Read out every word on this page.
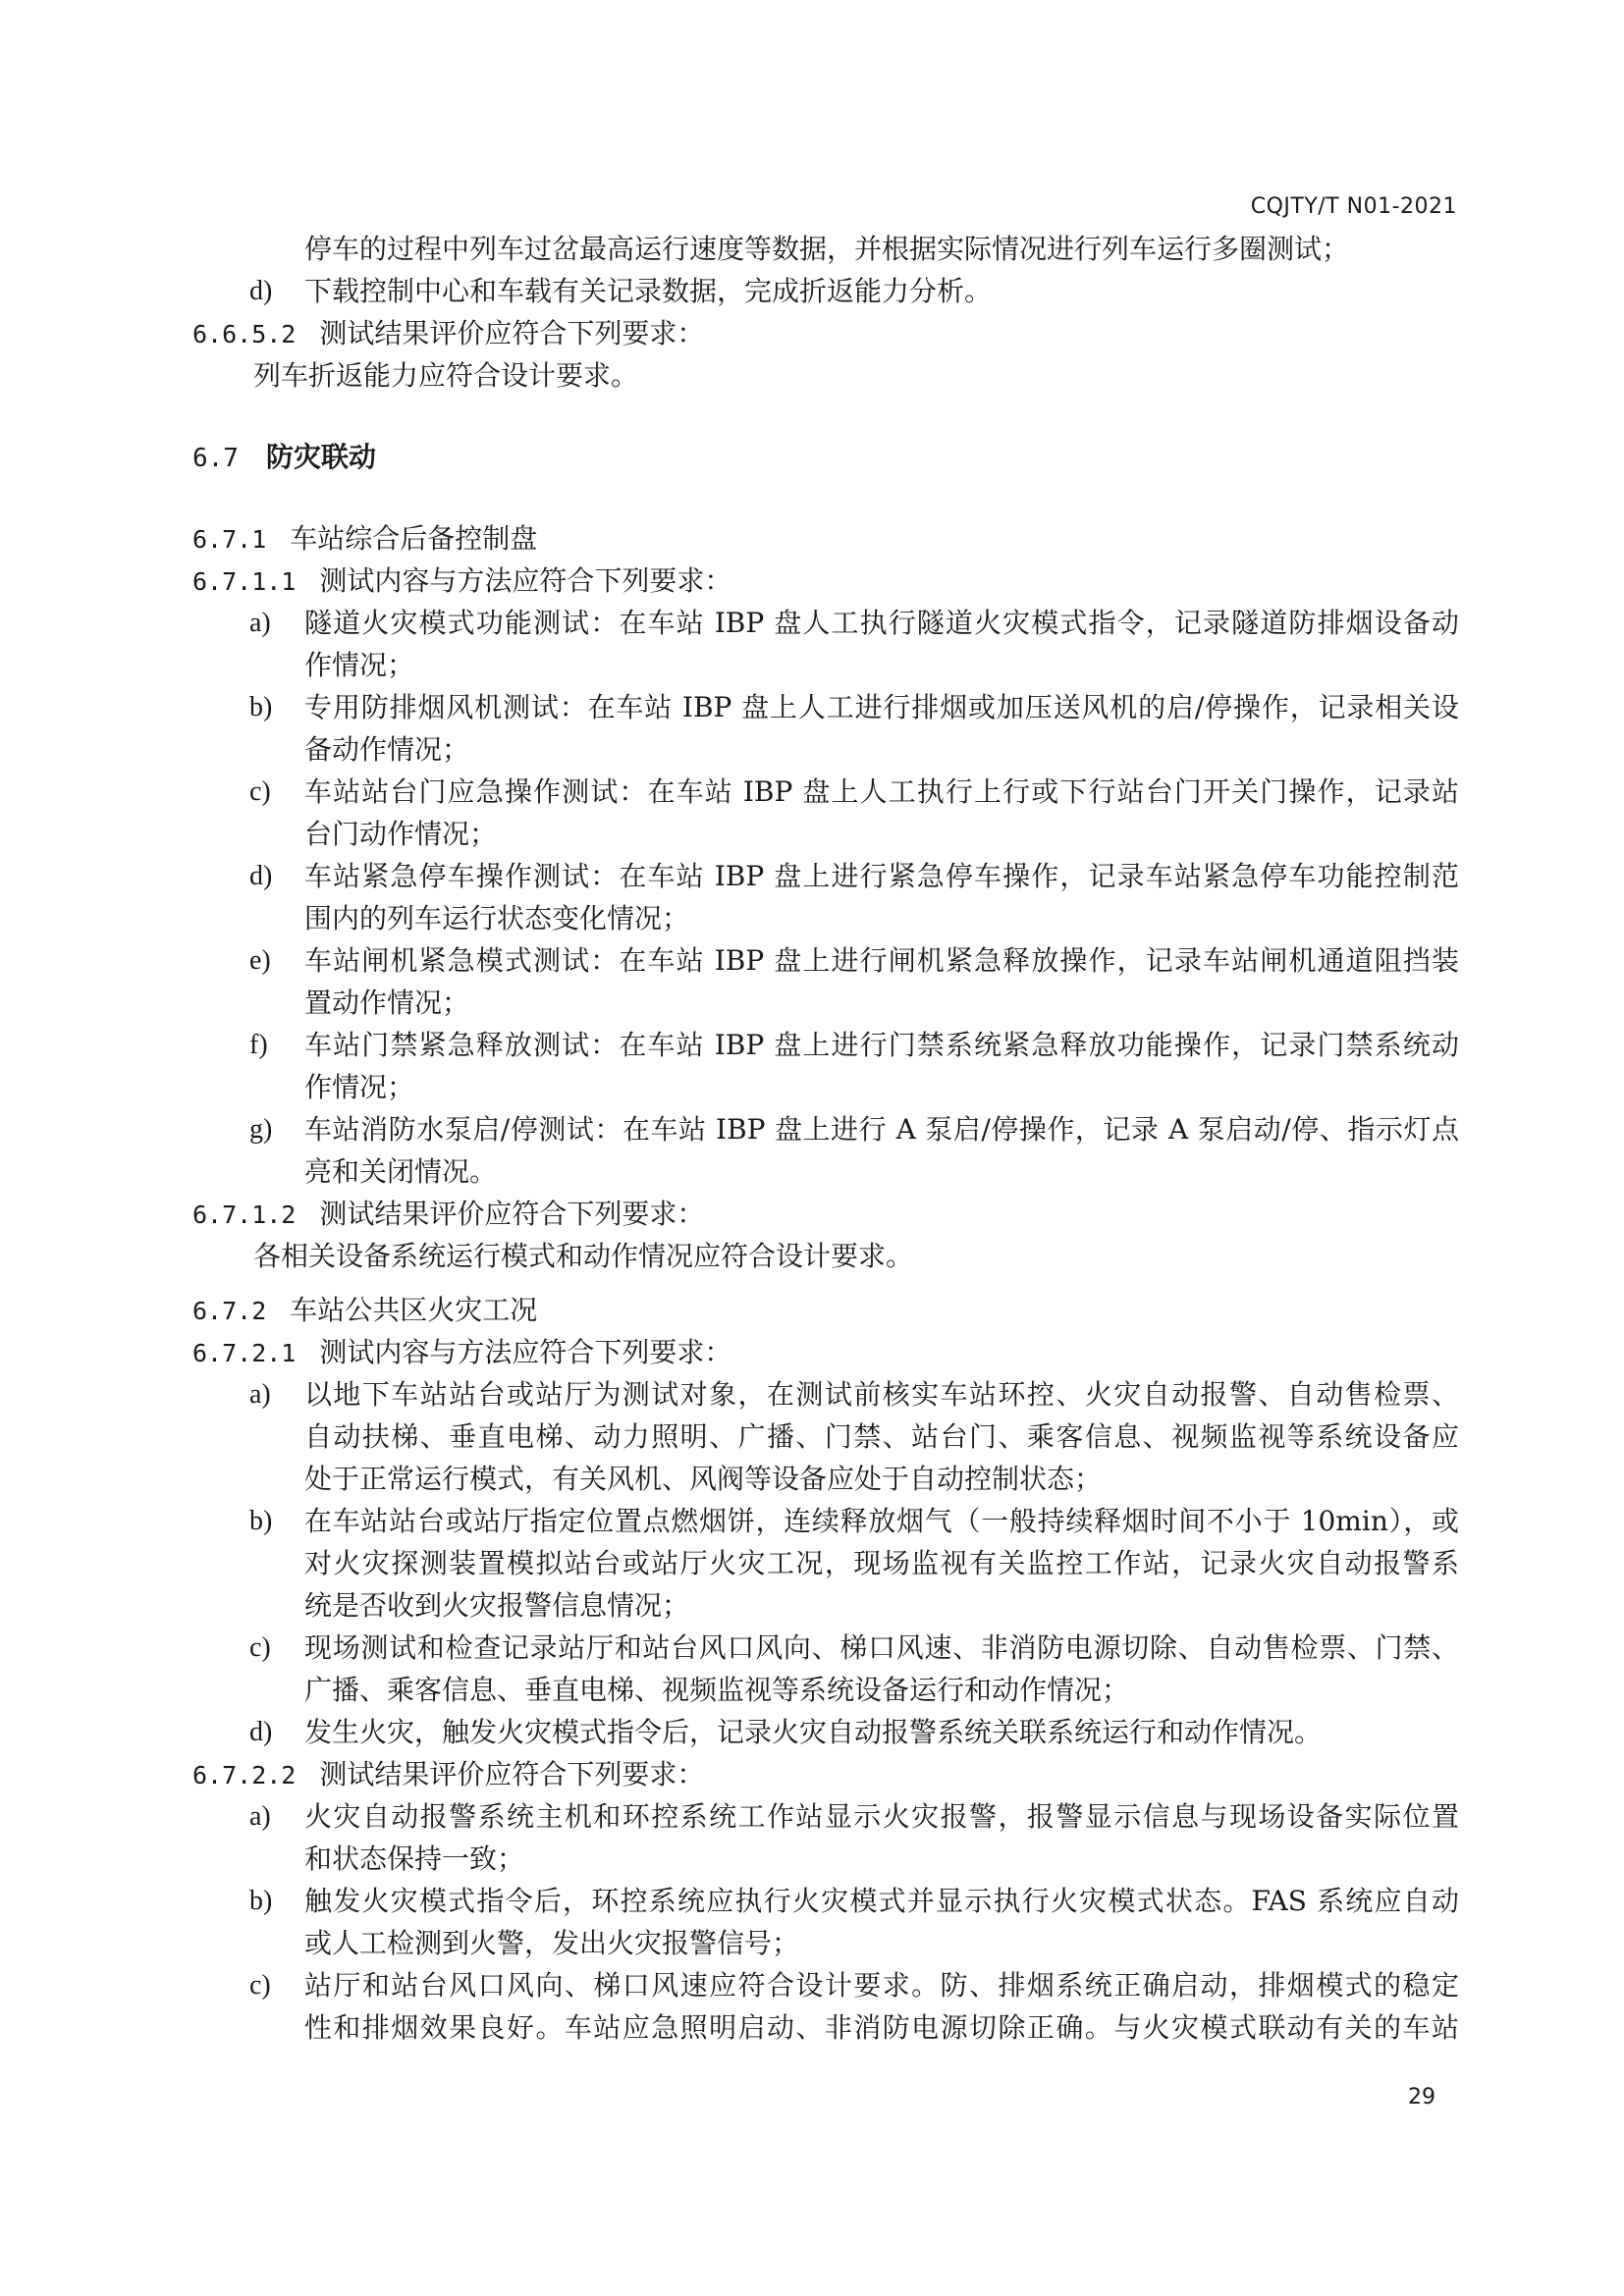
CQJTY/T N01-2021
停车的过程中列车过岔最高运行速度等数据，并根据实际情况进行列车运行多圈测试；
d) 下载控制中心和车载有关记录数据，完成折返能力分析。
6.6.5.2 测试结果评价应符合下列要求：
列车折返能力应符合设计要求。
6.7 防灾联动
6.7.1 车站综合后备控制盘
6.7.1.1 测试内容与方法应符合下列要求：
a) 隧道火灾模式功能测试：在车站 IBP 盘人工执行隧道火灾模式指令，记录隧道防排烟设备动
作情况；
b) 专用防排烟风机测试：在车站 IBP 盘上人工进行排烟或加压送风机的启/停操作，记录相关设
备动作情况；
c) 车站站台门应急操作测试：在车站 IBP 盘上人工执行上行或下行站台门开关门操作，记录站
台门动作情况；
d) 车站紧急停车操作测试：在车站 IBP 盘上进行紧急停车操作，记录车站紧急停车功能控制范
围内的列车运行状态变化情况；
e) 车站闸机紧急模式测试：在车站 IBP 盘上进行闸机紧急释放操作，记录车站闸机通道阻挡装
置动作情况；
f) 车站门禁紧急释放测试：在车站 IBP 盘上进行门禁系统紧急释放功能操作，记录门禁系统动
作情况；
g) 车站消防水泵启/停测试：在车站 IBP 盘上进行 A 泵启/停操作，记录 A 泵启动/停、指示灯点
亮和关闭情况。
6.7.1.2 测试结果评价应符合下列要求：
各相关设备系统运行模式和动作情况应符合设计要求。
6.7.2 车站公共区火灾工况
6.7.2.1 测试内容与方法应符合下列要求：
a) 以地下车站站台或站厅为测试对象，在测试前核实车站环控、火灾自动报警、自动售检票、
自动扶梯、垂直电梯、动力照明、广播、门禁、站台门、乘客信息、视频监视等系统设备应
处于正常运行模式，有关风机、风阀等设备应处于自动控制状态；
b) 在车站站台或站厅指定位置点燃烟饼，连续释放烟气（一般持续释烟时间不小于 10min），或
对火灾探测装置模拟站台或站厅火灾工况，现场监视有关监控工作站，记录火灾自动报警系
统是否收到火灾报警信息情况；
c) 现场测试和检查记录站厅和站台风口风向、梯口风速、非消防电源切除、自动售检票、门禁、
广播、乘客信息、垂直电梯、视频监视等系统设备运行和动作情况；
d) 发生火灾，触发火灾模式指令后，记录火灾自动报警系统关联系统运行和动作情况。
6.7.2.2 测试结果评价应符合下列要求：
a) 火灾自动报警系统主机和环控系统工作站显示火灾报警，报警显示信息与现场设备实际位置
和状态保持一致；
b) 触发火灾模式指令后，环控系统应执行火灾模式并显示执行火灾模式状态。FAS 系统应自动
或人工检测到火警，发出火灾报警信号；
c) 站厅和站台风口风向、梯口风速应符合设计要求。防、排烟系统正确启动，排烟模式的稳定
性和排烟效果良好。车站应急照明启动、非消防电源切除正确。与火灾模式联动有关的车站
29
